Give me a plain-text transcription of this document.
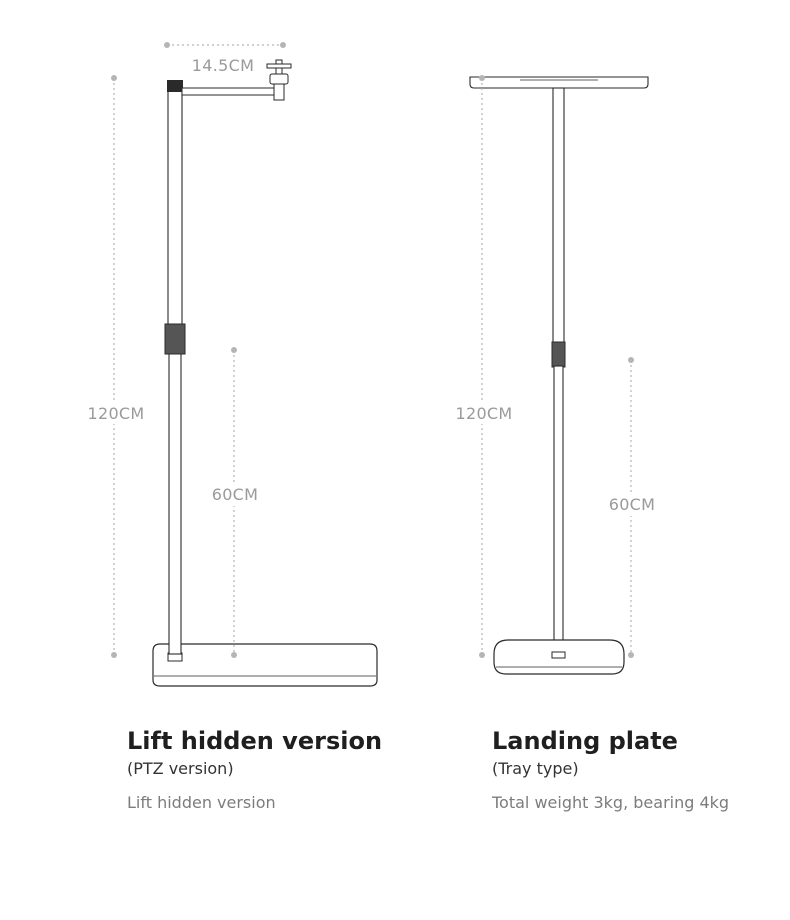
14.5CM
120CM
60CM
120CM
60CM
Lift hidden version
(PTZ version)
Lift hidden version
Landing plate
(Tray type)
Total weight 3kg, bearing 4kg
